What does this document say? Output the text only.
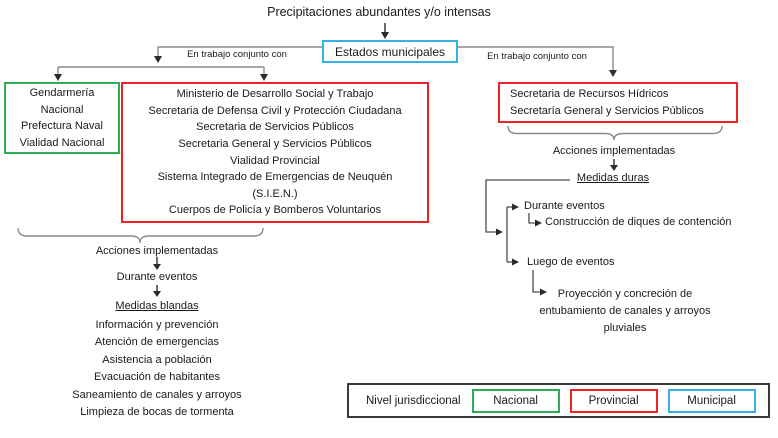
Precipitaciones abundantes y/o intensas
Estados municipales
En trabajo conjunto con	En trabajo conjunto con
Gendarmería
Nacional
Prefectura Naval
Vialidad Nacional
Ministerio de Desarrollo Social y Trabajo
Secretaria de Defensa Civil y Protección Ciudadana
Secretaria de Servicios Públicos
Secretaria General y Servicios Públicos
Vialidad Provincial
Sistema Integrado de Emergencias de Neuquén
(S.I.E.N.)
Cuerpos de Policía y Bomberos Voluntarios
Secretaria de Recursos Hídricos
Secretaría General y Servicios Públicos
Acciones implementadas
Durante eventos
Medidas blandas
Información y prevención
Atención de emergencias
Asistencia a población
Evacuación de habitantes
Saneamiento de canales y arroyos
Limpieza de bocas de tormenta
Acciones implementadas
Medidas duras
Durante eventos
Construcción de diques de contención
Luego de eventos
Proyección y concreción de
entubamiento de canales y arroyos
pluviales
Nivel jurisdiccional	Nacional	Provincial	Municipal
